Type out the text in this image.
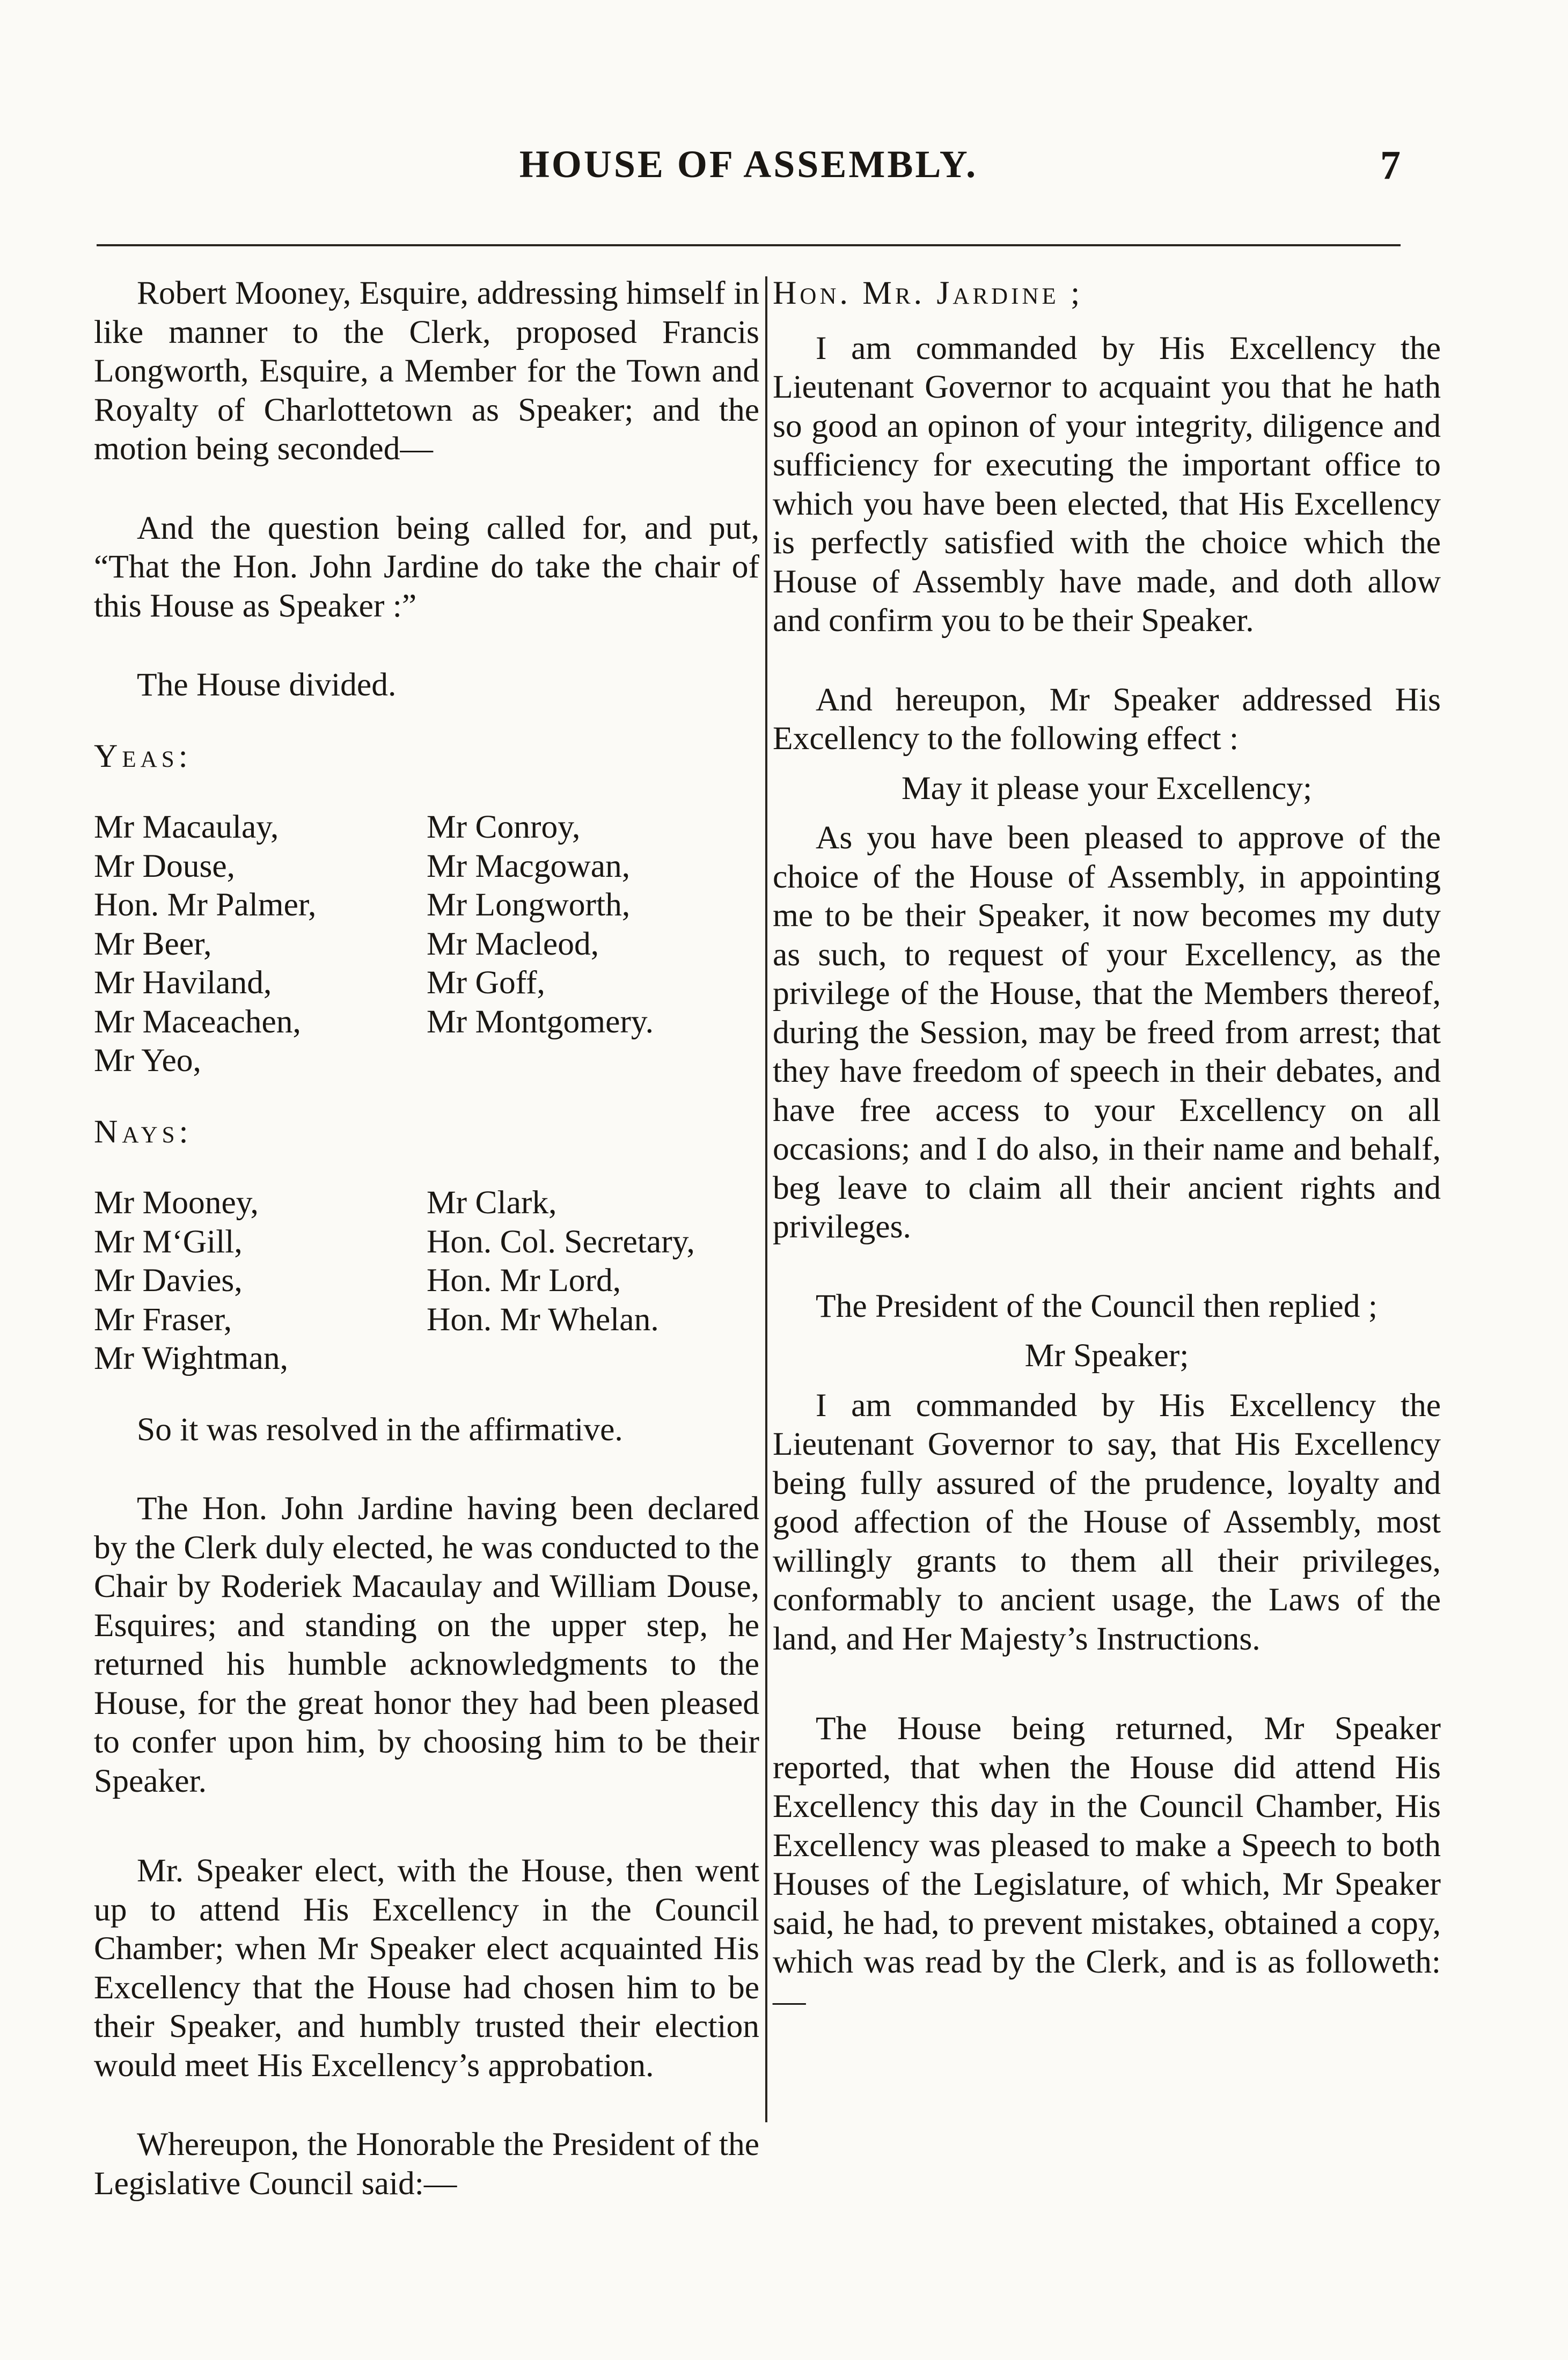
HOUSE OF ASSEMBLY.	7

Robert Mooney, Esquire, addressing himself in like manner to the Clerk, proposed Francis Longworth, Esquire, a Member for the Town and Royalty of Charlottetown as Speaker; and the motion being seconded—

And the question being called for, and put, “That the Hon. John Jardine do take the chair of this House as Speaker :”

The House divided.

Yeas:

Mr Macaulay,	Mr Conroy,
Mr Douse,	Mr Macgowan,
Hon. Mr Palmer,	Mr Longworth,
Mr Beer,	Mr Macleod,
Mr Haviland,	Mr Goff,
Mr Maceachen,	Mr Montgomery.
Mr Yeo,

Nays:

Mr Mooney,	Mr Clark,
Mr M‘Gill,	Hon. Col. Secretary,
Mr Davies,	Hon. Mr Lord,
Mr Fraser,	Hon. Mr Whelan.
Mr Wightman,

So it was resolved in the affirmative.

The Hon. John Jardine having been declared by the Clerk duly elected, he was conducted to the Chair by Roderiek Macaulay and William Douse, Esquires; and standing on the upper step, he returned his humble acknowledgments to the House, for the great honor they had been pleased to confer upon him, by choosing him to be their Speaker.

Mr. Speaker elect, with the House, then went up to attend His Excellency in the Council Chamber; when Mr Speaker elect acquainted His Excellency that the House had chosen him to be their Speaker, and humbly trusted their election would meet His Excellency’s approbation.

Whereupon, the Honorable the President of the Legislative Council said:—

Hon. Mr. Jardine ;

I am commanded by His Excellency the Lieutenant Governor to acquaint you that he hath so good an opinon of your integrity, diligence and sufficiency for executing the important office to which you have been elected, that His Excellency is perfectly satisfied with the choice which the House of Assembly have made, and doth allow and confirm you to be their Speaker.

And hereupon, Mr Speaker addressed His Excellency to the following effect :

May it please your Excellency;

As you have been pleased to approve of the choice of the House of Assembly, in appointing me to be their Speaker, it now becomes my duty as such, to request of your Excellency, as the privilege of the House, that the Members thereof, during the Session, may be freed from arrest; that they have freedom of speech in their debates, and have free access to your Excellency on all occasions; and I do also, in their name and behalf, beg leave to claim all their ancient rights and privileges.

The President of the Council then replied ;

Mr Speaker;

I am commanded by His Excellency the Lieutenant Governor to say, that His Excellency being fully assured of the prudence, loyalty and good affection of the House of Assembly, most willingly grants to them all their privileges, conformably to ancient usage, the Laws of the land, and Her Majesty’s Instructions.

The House being returned, Mr Speaker reported, that when the House did attend His Excellency this day in the Council Chamber, His Excellency was pleased to make a Speech to both Houses of the Legislature, of which, Mr Speaker said, he had, to prevent mistakes, obtained a copy, which was read by the Clerk, and is as followeth:—
